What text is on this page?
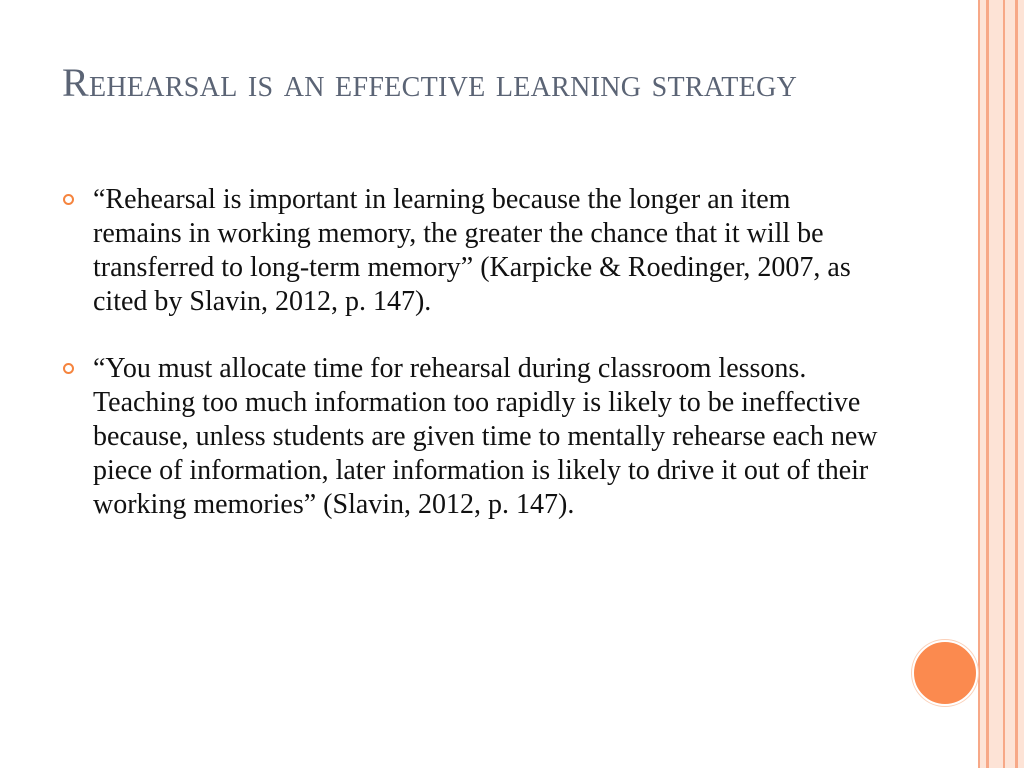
Rehearsal is an effective learning strategy
“Rehearsal is important in learning because the longer an item remains in working memory, the greater the chance that it will be transferred to long-term memory” (Karpicke & Roedinger, 2007, as cited by Slavin, 2012, p. 147).
“You must allocate time for rehearsal during classroom lessons. Teaching too much information too rapidly is likely to be ineffective because, unless students are given time to mentally rehearse each new piece of information, later information is likely to drive it out of their working memories” (Slavin, 2012, p. 147).
